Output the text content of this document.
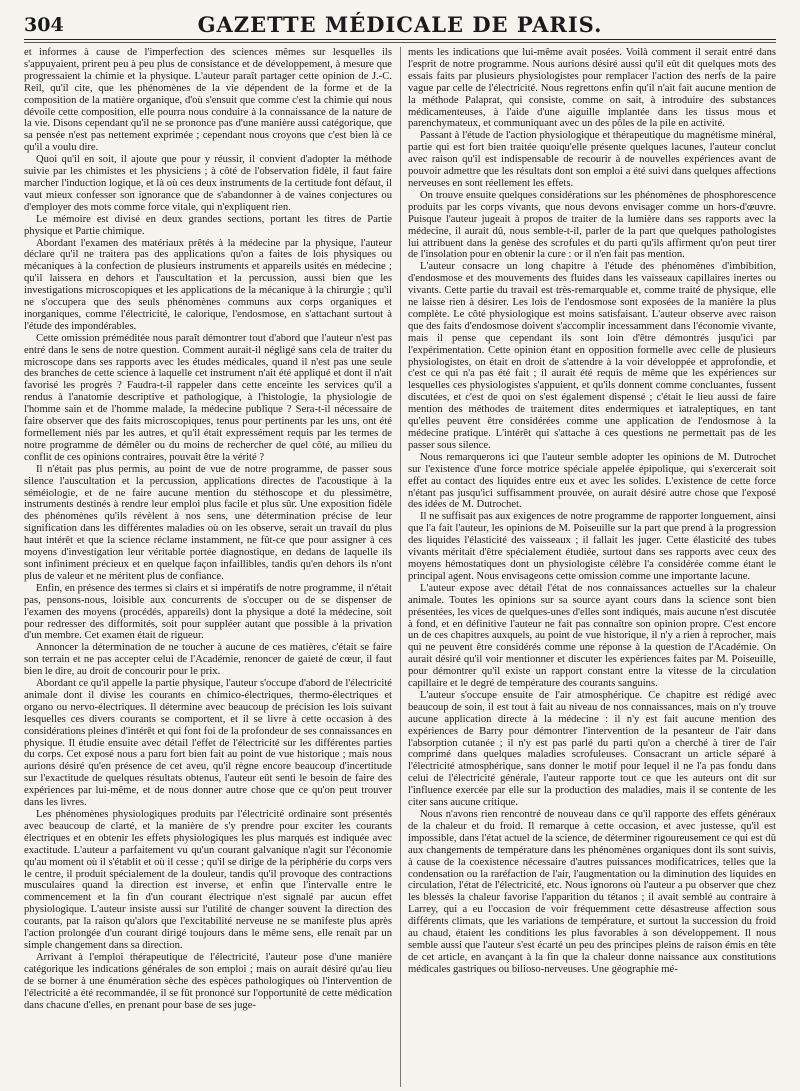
304	GAZETTE MÉDICALE DE PARIS.

et informes à cause de l'imperfection des sciences mêmes sur lesquelles ils s'appuyaient, prirent peu à peu plus de consistance et de développement, à mesure que progressaient la chimie et la physique. L'auteur paraît partager cette opinion de J.-C. Reil, qu'il cite, que les phénomènes de la vie dépendent de la forme et de la composition de la matière organique, d'où s'ensuit que comme c'est la chimie qui nous dévoile cette composition, elle pourra nous conduire à la connaissance de la nature de la vie. Disons cependant qu'il ne se prononce pas d'une manière aussi catégorique, que sa pensée n'est pas nettement exprimée ; cependant nous croyons que c'est bien là ce qu'il a voulu dire.

Quoi qu'il en soit, il ajoute que pour y réussir, il convient d'adopter la méthode suivie par les chimistes et les physiciens ; à côté de l'observation fidèle, il faut faire marcher l'induction logique, et là où ces deux instruments de la certitude font défaut, il vaut mieux confesser son ignorance que de s'abandonner à de vaines conjectures ou d'employer des mots comme force vitale, qui n'expliquent rien.

Le mémoire est divisé en deux grandes sections, portant les titres de Partie physique et Partie chimique.

Abordant l'examen des matériaux prêtés à la médecine par la physique, l'auteur déclare qu'il ne traitera pas des applications qu'on a faites de lois physiques ou mécaniques à la confection de plusieurs instruments et appareils usités en médecine ; qu'il laissera en dehors et l'auscultation et la percussion, aussi bien que les investigations microscopiques et les applications de la mécanique à la chirurgie ; qu'il ne s'occupera que des seuls phénomènes communs aux corps organiques et inorganiques, comme l'électricité, le calorique, l'endosmose, en s'attachant surtout à l'étude des impondérables.

Cette omission préméditée nous paraît démontrer tout d'abord que l'auteur n'est pas entré dans le sens de notre question. Comment aurait-il négligé sans cela de traiter du microscope dans ses rapports avec les études médicales, quand il n'est pas une seule des branches de cette science à laquelle cet instrument n'ait été appliqué et dont il n'ait favorisé les progrès ? Faudra-t-il rappeler dans cette enceinte les services qu'il a rendus à l'anatomie descriptive et pathologique, à l'histologie, la physiologie de l'homme sain et de l'homme malade, la médecine publique ? Sera-t-il nécessaire de faire observer que des faits microscopiques, tenus pour pertinents par les uns, ont été formellement niés par les autres, et qu'il était expressément requis par les termes de notre programme de démêler ou du moins de rechercher de quel côté, au milieu du conflit de ces opinions contraires, pouvait être la vérité ?

Il n'était pas plus permis, au point de vue de notre programme, de passer sous silence l'auscultation et la percussion, applications directes de l'acoustique à la séméiologie, et de ne faire aucune mention du stéthoscope et du plessimètre, instruments destinés à rendre leur emploi plus facile et plus sûr. Une exposition fidèle des phénomènes qu'ils révèlent à nos sens, une détermination précise de leur signification dans les différentes maladies où on les observe, serait un travail du plus haut intérêt et que la science réclame instamment, ne fût-ce que pour assigner à ces moyens d'investigation leur véritable portée diagnostique, en dedans de laquelle ils sont infiniment précieux et en quelque façon infaillibles, tandis qu'en dehors ils n'ont plus de valeur et ne méritent plus de confiance.

Enfin, en présence des termes si clairs et si impératifs de notre programme, il n'était pas, pensons-nous, loisible aux concurrents de s'occuper ou de se dispenser de l'examen des moyens (procédés, appareils) dont la physique a doté la médecine, soit pour redresser des difformités, soit pour suppléer autant que possible à la privation d'un membre. Cet examen était de rigueur.

Annoncer la détermination de ne toucher à aucune de ces matières, c'était se faire son terrain et ne pas accepter celui de l'Académie, renoncer de gaieté de cœur, il faut bien le dire, au droit de concourir pour le prix.

Abordant ce qu'il appelle la partie physique, l'auteur s'occupe d'abord de l'électricité animale dont il divise les courants en chimico-électriques, thermo-électriques et organo ou nervo-électriques. Il détermine avec beaucoup de précision les lois suivant lesquelles ces divers courants se comportent, et il se livre à cette occasion à des considérations pleines d'intérêt et qui font foi de la profondeur de ses connaissances en physique. Il étudie ensuite avec détail l'effet de l'électricité sur les différentes parties du corps. Cet exposé nous a paru fort bien fait au point de vue historique ; mais nous aurions désiré qu'en présence de cet aveu, qu'il règne encore beaucoup d'incertitude sur l'exactitude de quelques résultats obtenus, l'auteur eût senti le besoin de faire des expériences par lui-même, et de nous donner autre chose que ce qu'on peut trouver dans les livres.

Les phénomènes physiologiques produits par l'électricité ordinaire sont présentés avec beaucoup de clarté, et la manière de s'y prendre pour exciter les courants électriques et en obtenir les effets physiologiques les plus marqués est indiquée avec exactitude. L'auteur a parfaitement vu qu'un courant galvanique n'agit sur l'économie qu'au moment où il s'établit et où il cesse ; qu'il se dirige de la périphérie du corps vers le centre, il produit spécialement de la douleur, tandis qu'il provoque des contractions musculaires quand la direction est inverse, et enfin que l'intervalle entre le commencement et la fin d'un courant électrique n'est signalé par aucun effet physiologique. L'auteur insiste aussi sur l'utilité de changer souvent la direction des courants, par la raison qu'alors que l'excitabilité nerveuse ne se manifeste plus après l'action prolongée d'un courant dirigé toujours dans le même sens, elle renaît par un simple changement dans sa direction.

Arrivant à l'emploi thérapeutique de l'électricité, l'auteur pose d'une manière catégorique les indications générales de son emploi ; mais on aurait désiré qu'au lieu de se borner à une énumération sèche des espèces pathologiques où l'intervention de l'électricité a été recommandée, il se fût prononcé sur l'opportunité de cette médication dans chacune d'elles, en prenant pour base de ses juge-

ments les indications que lui-même avait posées. Voilà comment il serait entré dans l'esprit de notre programme. Nous aurions désiré aussi qu'il eût dit quelques mots des essais faits par plusieurs physiologistes pour remplacer l'action des nerfs de la paire vague par celle de l'électricité. Nous regrettons enfin qu'il n'ait fait aucune mention de la méthode Palaprat, qui consiste, comme on sait, à introduire des substances médicamenteuses, à l'aide d'une aiguille implantée dans les tissus mous et parenchymateux, et communiquant avec un des pôles de la pile en activité.

Passant à l'étude de l'action physiologique et thérapeutique du magnétisme minéral, partie qui est fort bien traitée quoiqu'elle présente quelques lacunes, l'auteur conclut avec raison qu'il est indispensable de recourir à de nouvelles expériences avant de pouvoir admettre que les résultats dont son emploi a été suivi dans quelques affections nerveuses en sont réellement les effets.

On trouve ensuite quelques considérations sur les phénomènes de phosphorescence produits par les corps vivants, que nous devons envisager comme un hors-d'œuvre. Puisque l'auteur jugeait à propos de traiter de la lumière dans ses rapports avec la médecine, il aurait dû, nous semble-t-il, parler de la part que quelques pathologistes lui attribuent dans la genèse des scrofules et du parti qu'ils affirment qu'on peut tirer de l'insolation pour en obtenir la cure : or il n'en fait pas mention.

L'auteur consacre un long chapitre à l'étude des phénomènes d'imbibition, d'endosmose et des mouvements des fluides dans les vaisseaux capillaires inertes ou vivants. Cette partie du travail est très-remarquable et, comme traité de physique, elle ne laisse rien à désirer. Les lois de l'endosmose sont exposées de la manière la plus complète. Le côté physiologique est moins satisfaisant. L'auteur observe avec raison que des faits d'endosmose doivent s'accomplir incessamment dans l'économie vivante, mais il pense que cependant ils sont loin d'être démontrés jusqu'ici par l'expérimentation. Cette opinion étant en opposition formelle avec celle de plusieurs physiologistes, on était en droit de s'attendre à la voir développée et approfondie, et c'est ce qui n'a pas été fait ; il aurait été requis de même que les expériences sur lesquelles ces physiologistes s'appuient, et qu'ils donnent comme concluantes, fussent discutées, et c'est de quoi on s'est également dispensé ; c'était le lieu aussi de faire mention des méthodes de traitement dites endermiques et iatraleptiques, en tant qu'elles peuvent être considérées comme une application de l'endosmose à la médecine pratique. L'intérêt qui s'attache à ces questions ne permettait pas de les passer sous silence.

Nous remarquerons ici que l'auteur semble adopter les opinions de M. Dutrochet sur l'existence d'une force motrice spéciale appelée épipolique, qui s'exercerait soit effet au contact des liquides entre eux et avec les solides. L'existence de cette force n'étant pas jusqu'ici suffisamment prouvée, on aurait désiré autre chose que l'exposé des idées de M. Dutrochet.

Il ne suffisait pas aux exigences de notre programme de rapporter longuement, ainsi que l'a fait l'auteur, les opinions de M. Poiseuille sur la part que prend à la progression des liquides l'élasticité des vaisseaux ; il fallait les juger. Cette élasticité des tubes vivants méritait d'être spécialement étudiée, surtout dans ses rapports avec ceux des moyens hémostatiques dont un physiologiste célèbre l'a considérée comme étant le principal agent. Nous envisageons cette omission comme une importante lacune.

L'auteur expose avec détail l'état de nos connaissances actuelles sur la chaleur animale. Toutes les opinions sur sa source ayant cours dans la science sont bien présentées, les vices de quelques-unes d'elles sont indiqués, mais aucune n'est discutée à fond, et en définitive l'auteur ne fait pas connaître son opinion propre. C'est encore un de ces chapitres auxquels, au point de vue historique, il n'y a rien à reprocher, mais qui ne peuvent être considérés comme une réponse à la question de l'Académie. On aurait désiré qu'il voir mentionner et discuter les expériences faites par M. Poiseuille, pour démontrer qu'il existe un rapport constant entre la vitesse de la circulation capillaire et le degré de température des courants sanguins.

L'auteur s'occupe ensuite de l'air atmosphérique. Ce chapitre est rédigé avec beaucoup de soin, il est tout à fait au niveau de nos connaissances, mais on n'y trouve aucune application directe à la médecine : il n'y est fait aucune mention des expériences de Barry pour démontrer l'intervention de la pesanteur de l'air dans l'absorption cutanée ; il n'y est pas parlé du parti qu'on a cherché à tirer de l'air comprimé dans quelques maladies scrofuleuses. Consacrant un article séparé à l'électricité atmosphérique, sans donner le motif pour lequel il ne l'a pas fondu dans celui de l'électricité générale, l'auteur rapporte tout ce que les auteurs ont dit sur l'influence exercée par elle sur la production des maladies, mais il se contente de les citer sans aucune critique.

Nous n'avons rien rencontré de nouveau dans ce qu'il rapporte des effets généraux de la chaleur et du froid. Il remarque à cette occasion, et avec justesse, qu'il est impossible, dans l'état actuel de la science, de déterminer rigoureusement ce qui est dû aux changements de température dans les phénomènes organiques dont ils sont suivis, à cause de la coexistence nécessaire d'autres puissances modificatrices, telles que la condensation ou la raréfaction de l'air, l'augmentation ou la diminution des liquides en circulation, l'état de l'électricité, etc. Nous ignorons où l'auteur a pu observer que chez les blessés la chaleur favorise l'apparition du tétanos ; il avait semblé au contraire à Larrey, qui a eu l'occasion de voir fréquemment cette désastreuse affection sous différents climats, que les variations de température, et surtout la succession du froid au chaud, étaient les conditions les plus favorables à son développement. Il nous semble aussi que l'auteur s'est écarté un peu des principes pleins de raison émis en tête de cet article, en avançant à la fin que la chaleur donne naissance aux constitutions médicales gastriques ou bilioso-nerveuses. Une géographie mé-
